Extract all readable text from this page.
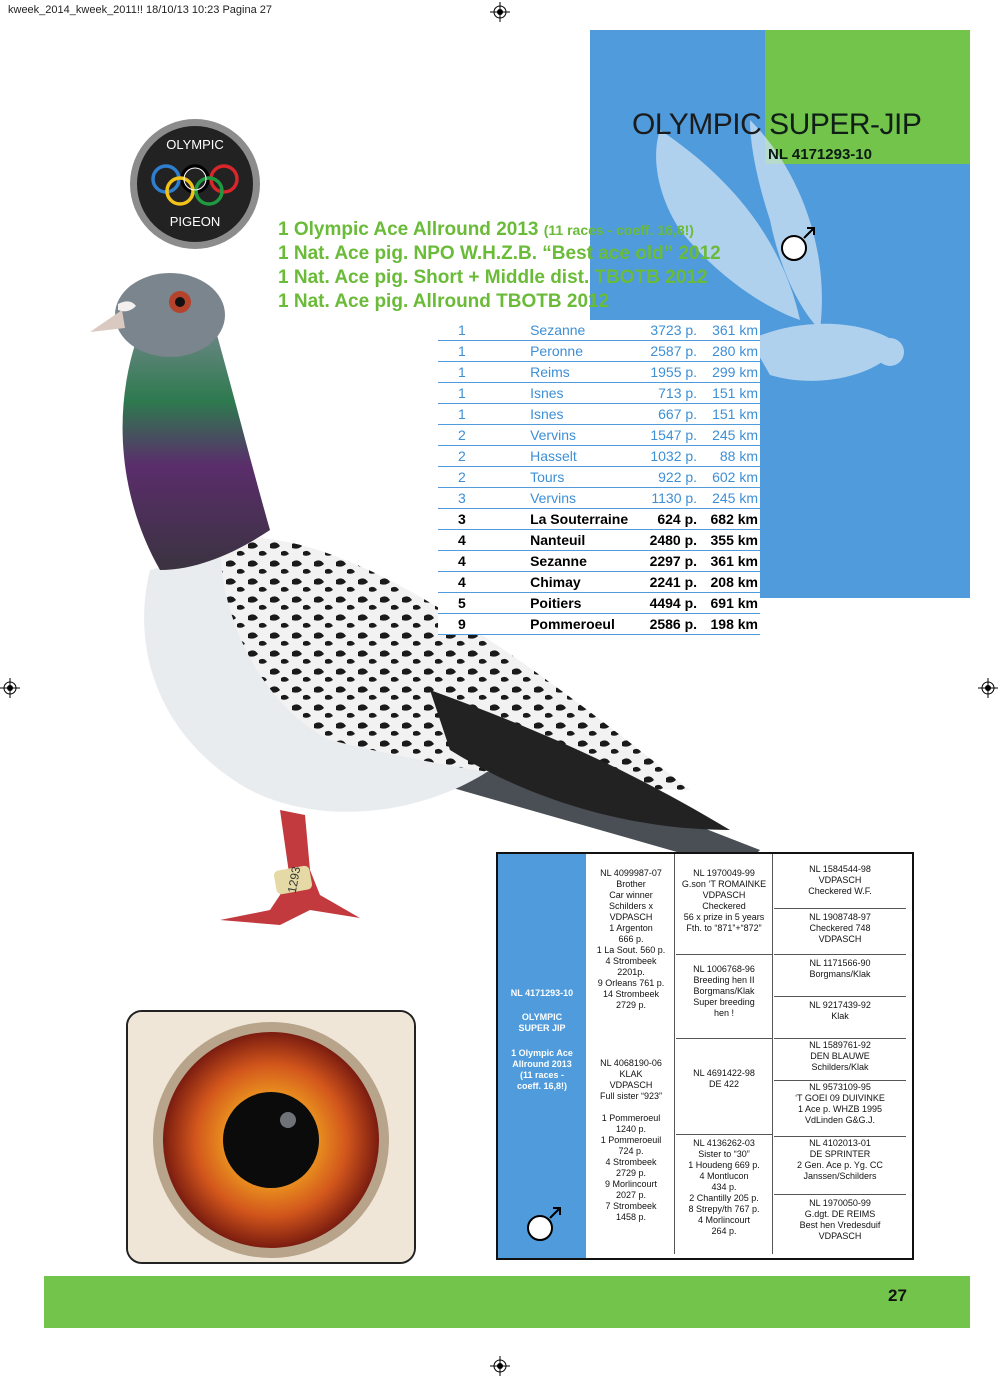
kweek_2014_kweek_2011!! 18/10/13 10:23 Pagina 27
OLYMPIC SUPER-JIP
NL 4171293-10
OLYMPIC
PIGEON
1293
1 Olympic Ace Allround 2013 (11 races - coeff. 16,8!)
1 Nat. Ace pig. NPO W.H.Z.B. “Best ace old” 2012
1 Nat. Ace pig. Short + Middle dist. TBOTB 2012
1 Nat. Ace pig. Allround TBOTB 2012
1	Sezanne	3723 p.	361 km
1	Peronne	2587 p.	280 km
1	Reims	1955 p.	299 km
1	Isnes	713 p.	151 km
1	Isnes	667 p.	151 km
2	Vervins	1547 p.	245 km
2	Hasselt	1032 p.	88 km
2	Tours	922 p.	602 km
3	Vervins	1130 p.	245 km
3	La Souterraine	624 p.	682 km
4	Nanteuil	2480 p.	355 km
4	Sezanne	2297 p.	361 km
4	Chimay	2241 p.	208 km
5	Poitiers	4494 p.	691 km
9	Pommeroeul	2586 p.	198 km
NL 4171293-10
OLYMPIC
SUPER JIP
1 Olympic Ace
Allround 2013
(11 races -
coeff. 16,8!)
NL 4099987-07
Brother
Car winner
Schilders x
VDPASCH
1 Argenton
666 p.
1 La Sout. 560 p.
4 Strombeek
2201p.
9 Orleans 761 p.
14 Strombeek
2729 p.
NL 4068190-06
KLAK
VDPASCH
Full sister “923”

1 Pommeroeul
1240 p.
1 Pommeroeuil
724 p.
4 Strombeek
2729 p.
9 Morlincourt
2027 p.
7 Strombeek
1458 p.
NL 1970049-99
G.son ‘T ROMAINKE
VDPASCH
Checkered
56 x prize in 5 years
Fth. to “871”+“872”
NL 1006768-96
Breeding hen II
Borgmans/Klak
Super breeding
hen !
NL 4691422-98
DE 422
NL 4136262-03
Sister to “30”
1 Houdeng 669 p.
4 Montlucon
434 p.
2 Chantilly 205 p.
8 Strepy/th 767 p.
4 Morlincourt
264 p.
NL 1584544-98
VDPASCH
Checkered W.F.
NL 1908748-97
Checkered 748
VDPASCH
NL 1171566-90
Borgmans/Klak
NL 9217439-92
Klak
NL 1589761-92
DEN BLAUWE
Schilders/Klak
NL 9573109-95
‘T GOEI 09 DUIVINKE
1 Ace p. WHZB 1995
VdLinden G&G.J.
NL 4102013-01
DE SPRINTER
2 Gen. Ace p. Yg. CC
Janssen/Schilders
NL 1970050-99
G.dgt. DE REIMS
Best hen Vredesduif
VDPASCH
27
